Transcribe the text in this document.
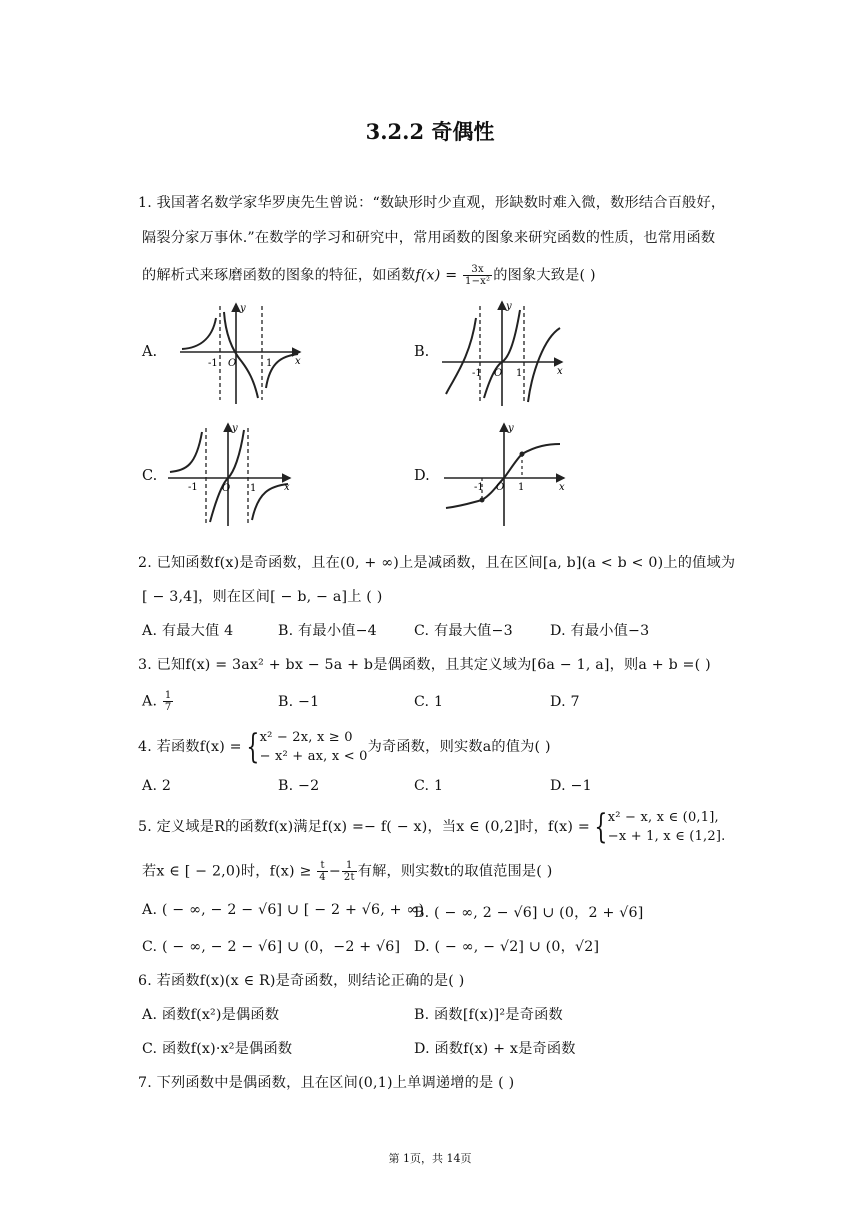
3.2.2 奇偶性
1. 我国著名数学家华罗庚先生曾说：“数缺形时少直观，形缺数时难入微，数形结合百般好，
隔裂分家万事休.”在数学的学习和研究中，常用函数的图象来研究函数的性质，也常用函数
的解析式来琢磨函数的图象的特征，如函数$f(x) = \frac{3x}{\text{1−x²}}$ 的图象大致是( )
A.	B.
C.	D.
-1 O	1 x
y
-1 O 1	x
y
-1 O 1	x
y
-1 O 1	x
y
2. 已知函数f(x)是奇函数，且在(0, + ∞)上是减函数，且在区间[a, b](a < b < 0)上的值域为
[ − 3,4]，则在区间[ − b, − a]上 ( )
A. 有最大值 4	B. 有最小值−4	C. 有最大值−3	D. 有最小值−3
3. 已知f(x) = 3ax² + bx − 5a + b是偶函数，且其定义域为[6a − 1, a]，则a + b =( )
A. $\frac{1}{7}$	B. −1	C. 1	D. 7
4. 若函数f(x) = { x² − 2x, x ≥ 0
− x² + ax, x < 0
为奇函数，则实数a的值为( )
A. 2	B. −2	C. 1	D. −1
5. 定义域是R的函数f(x)满足f(x) =− f( − x)，当x ∈ (0,2]时，f(x) = { x² − x, x ∈ (0,1],
−x + 1, x ∈ (1,2].
若x ∈ [ − 2,0)时，$f(x) \ge \frac{t}{4} - \frac{1}{2t}$ 有解，则实数t的取值范围是( )
A. ( − ∞, − 2 − √6] ∪ [ − 2 + √6, + ∞)
B. ( − ∞, 2 − √6] ∪ (0，2 + √6]
C. ( − ∞, − 2 − √6] ∪ (0，−2 + √6] D. ( − ∞, − √2] ∪ (0，√2]
6. 若函数f(x)(x ∈ R)是奇函数，则结论正确的是( )
A. 函数f(x²)是偶函数	B. 函数[f(x)]²是奇函数
C. 函数f(x)·x²是偶函数	D. 函数f(x) + x是奇函数
7. 下列函数中是偶函数，且在区间(0,1)上单调递增的是 ( )
第 1页，共 14页
